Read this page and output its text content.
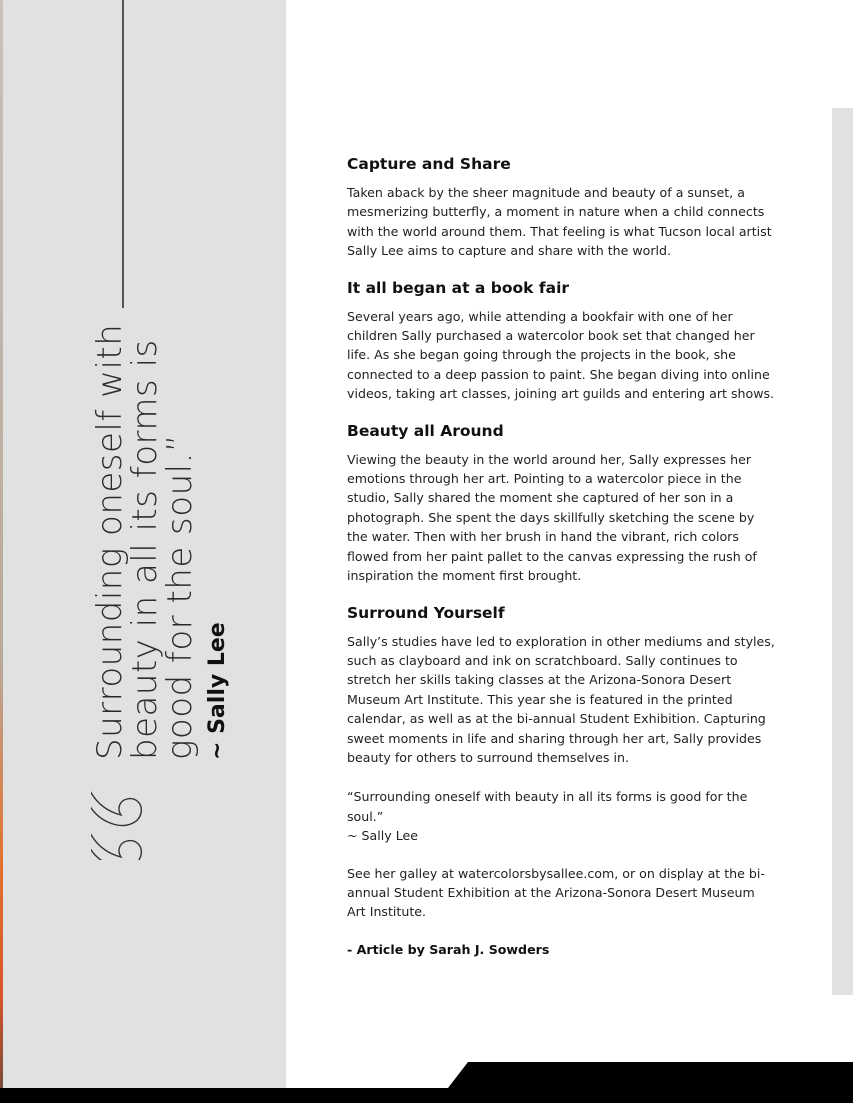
Surrounding oneself with

beauty in all its forms is

good for the soul.” ~ Sally Lee
Capture and Share

Taken aback by the sheer magnitude and beauty of a sunset, a mesmerizing butterfly, a moment in nature when a child connects with the world around them. That feeling is what Tucson local artist Sally Lee aims to capture and share with the world.

It all began at a book fair

Several years ago, while attending a bookfair with one of her children Sally purchased a watercolor book set that changed her life. As she began going through the projects in the book, she connected to a deep passion to paint. She began diving into online videos, taking art classes, joining art guilds and entering art shows.

Beauty all Around

Viewing the beauty in the world around her, Sally expresses her emotions through her art. Pointing to a watercolor piece in the studio, Sally shared the moment she captured of her son in a photograph. She spent the days skillfully sketching the scene by the water. Then with her brush in hand the vibrant, rich colors flowed from her paint pallet to the canvas expressing the rush of inspiration the moment first brought.

Surround Yourself

Sally’s studies have led to exploration in other mediums and styles, such as clayboard and ink on scratchboard. Sally continues to stretch her skills taking classes at the Arizona-Sonora Desert Museum Art Institute. This year she is featured in the printed calendar, as well as at the bi-annual Student Exhibition. Capturing sweet moments in life and sharing through her art, Sally provides beauty for others to surround themselves in.

“Surrounding oneself with beauty in all its forms is good for the soul.”
~ Sally Lee

See her galley at watercolorsbysallee.com, or on display at the bi-annual Student Exhibition at the Arizona-Sonora Desert Museum Art Institute.

- Article by Sarah J. Sowders
